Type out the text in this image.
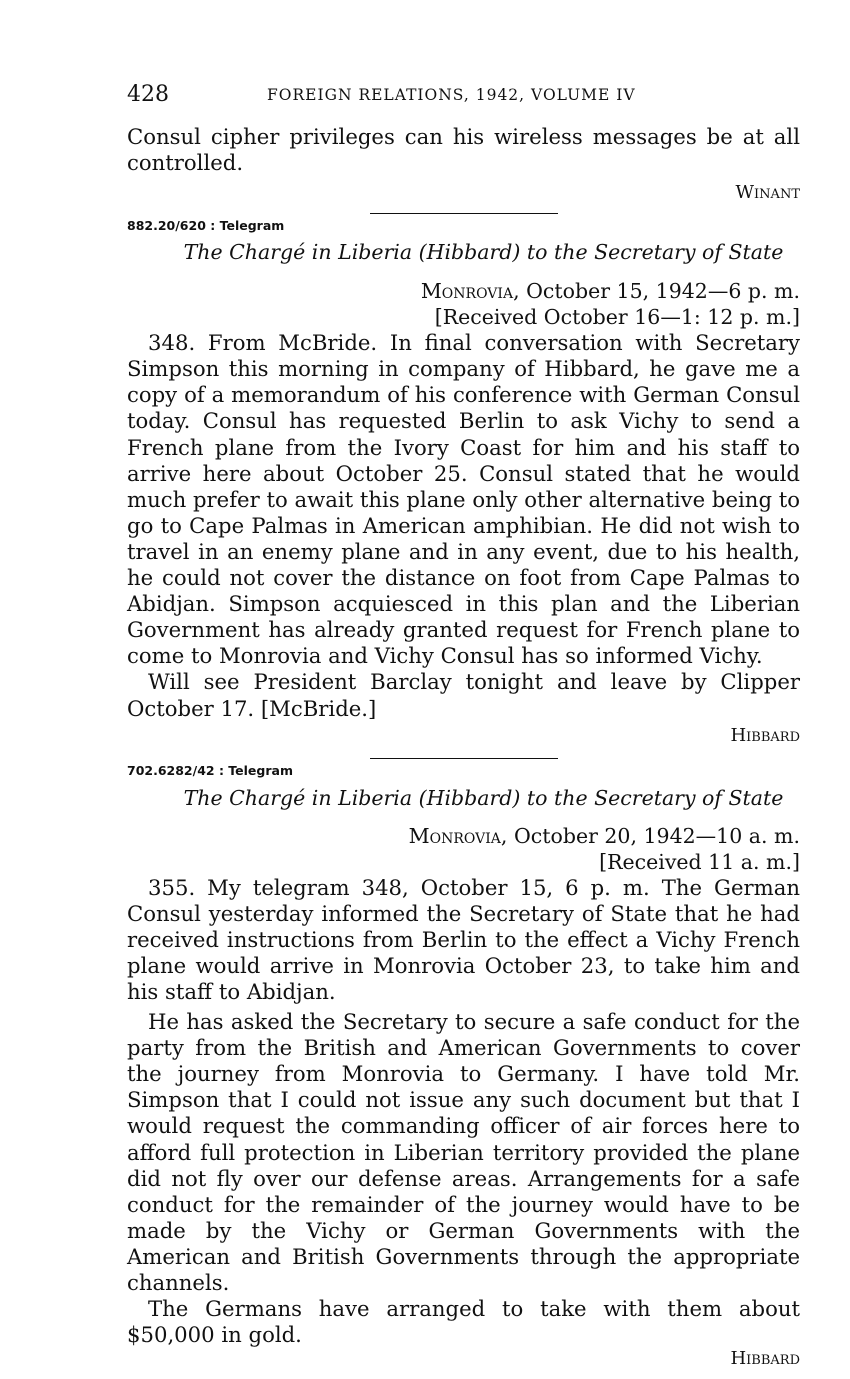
428	FOREIGN RELATIONS, 1942, VOLUME IV

Consul cipher privileges can his wireless messages be at all controlled.

Winant
882.20/620 : Telegram
The Chargé in Liberia (Hibbard) to the Secretary of State
Monrovia, October 15, 1942—6 p. m.
[Received October 16—1: 12 p. m.]

348. From McBride. In final conversation with Secretary Simpson this morning in company of Hibbard, he gave me a copy of a memorandum of his conference with German Consul today. Consul has requested Berlin to ask Vichy to send a French plane from the Ivory Coast for him and his staff to arrive here about October 25. Consul stated that he would much prefer to await this plane only other alternative being to go to Cape Palmas in American amphibian. He did not wish to travel in an enemy plane and in any event, due to his health, he could not cover the distance on foot from Cape Palmas to Abidjan. Simpson acquiesced in this plan and the Liberian Government has already granted request for French plane to come to Monrovia and Vichy Consul has so informed Vichy.

Will see President Barclay tonight and leave by Clipper October 17. [McBride.]

Hibbard
702.6282/42 : Telegram
The Chargé in Liberia (Hibbard) to the Secretary of State
Monrovia, October 20, 1942—10 a. m.
[Received 11 a. m.]

355. My telegram 348, October 15, 6 p. m. The German Consul yesterday informed the Secretary of State that he had received instructions from Berlin to the effect a Vichy French plane would arrive in Monrovia October 23, to take him and his staff to Abidjan.

He has asked the Secretary to secure a safe conduct for the party from the British and American Governments to cover the journey from Monrovia to Germany. I have told Mr. Simpson that I could not issue any such document but that I would request the commanding officer of air forces here to afford full protection in Liberian territory provided the plane did not fly over our defense areas. Arrangements for a safe conduct for the remainder of the journey would have to be made by the Vichy or German Governments with the American and British Governments through the appropriate channels.

The Germans have arranged to take with them about $50,000 in gold.

Hibbard
